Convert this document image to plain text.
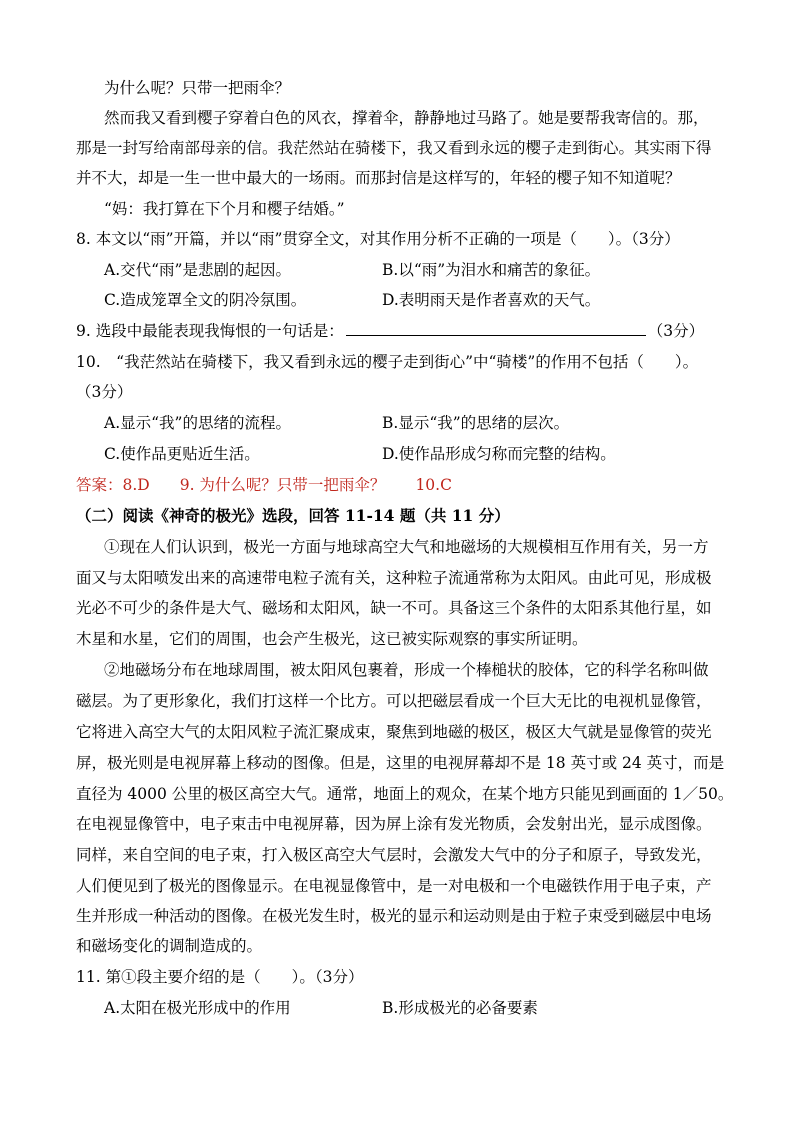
为什么呢？只带一把雨伞？
然而我又看到樱子穿着白色的风衣，撑着伞，静静地过马路了。她是要帮我寄信的。那，
那是一封写给南部母亲的信。我茫然站在骑楼下，我又看到永远的樱子走到街心。其实雨下得
并不大，却是一生一世中最大的一场雨。而那封信是这样写的，年轻的樱子知不知道呢？
“妈：我打算在下个月和樱子结婚。”
8. 本文以“雨”开篇，并以“雨”贯穿全文，对其作用分析不正确的一项是（　　）。（3分）
A.交代“雨”是悲剧的起因。	B.以“雨”为泪水和痛苦的象征。
C.造成笼罩全文的阴冷氛围。	D.表明雨天是作者喜欢的天气。
9. 选段中最能表现我悔恨的一句话是：	（3分）
10.　“我茫然站在骑楼下，我又看到永远的樱子走到街心”中“骑楼”的作用不包括（　　）。
（3分）
A.显示“我”的思绪的流程。	B.显示“我”的思绪的层次。
C.使作品更贴近生活。	D.使作品形成匀称而完整的结构。
答案：8.D 9. 为什么呢？只带一把雨伞？ 10.C
（二）阅读《神奇的极光》选段，回答 11-14 题（共 11 分）
①现在人们认识到，极光一方面与地球高空大气和地磁场的大规模相互作用有关，另一方
面又与太阳喷发出来的高速带电粒子流有关，这种粒子流通常称为太阳风。由此可见，形成极
光必不可少的条件是大气、磁场和太阳风，缺一不可。具备这三个条件的太阳系其他行星，如
木星和水星，它们的周围，也会产生极光，这已被实际观察的事实所证明。
②地磁场分布在地球周围，被太阳风包裹着，形成一个棒槌状的胶体，它的科学名称叫做
磁层。为了更形象化，我们打这样一个比方。可以把磁层看成一个巨大无比的电视机显像管，
它将进入高空大气的太阳风粒子流汇聚成束，聚焦到地磁的极区，极区大气就是显像管的荧光
屏，极光则是电视屏幕上移动的图像。但是，这里的电视屏幕却不是 18 英寸或 24 英寸，而是
直径为 4000 公里的极区高空大气。通常，地面上的观众，在某个地方只能见到画面的 1／50。
在电视显像管中，电子束击中电视屏幕，因为屏上涂有发光物质，会发射出光，显示成图像。
同样，来自空间的电子束，打入极区高空大气层时，会激发大气中的分子和原子，导致发光，
人们便见到了极光的图像显示。在电视显像管中，是一对电极和一个电磁铁作用于电子束，产
生并形成一种活动的图像。在极光发生时，极光的显示和运动则是由于粒子束受到磁层中电场
和磁场变化的调制造成的。
11. 第①段主要介绍的是（　　）。（3分）
A.太阳在极光形成中的作用	B.形成极光的必备要素
